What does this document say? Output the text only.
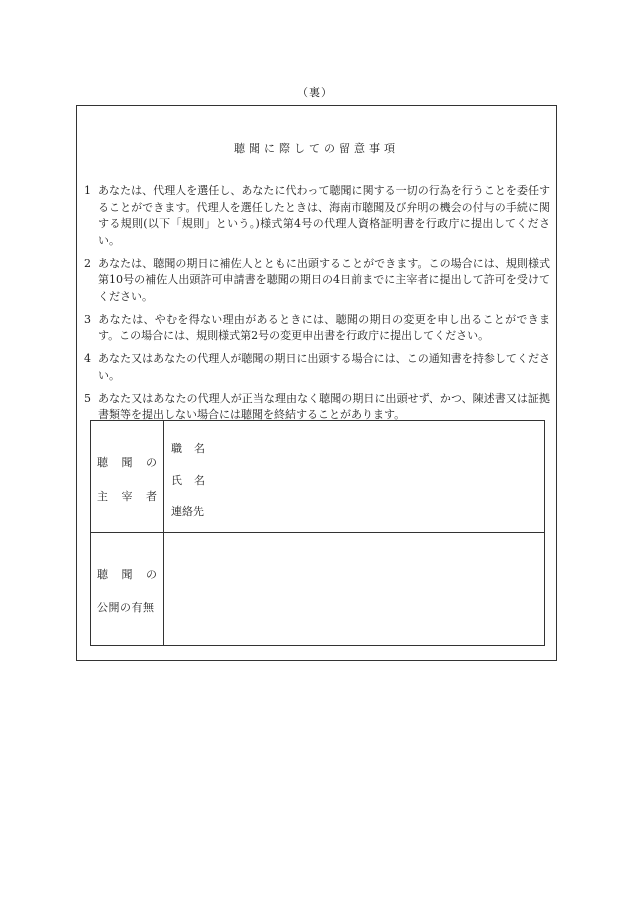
（裏）
聴聞に際しての留意事項

1 あなたは、代理人を選任し、あなたに代わって聴聞に関する一切の行為を行うことを委任することができます。代理人を選任したときは、海南市聴聞及び弁明の機会の付与の手続に関する規則(以下「規則」という。)様式第4号の代理人資格証明書を行政庁に提出してください。

2 あなたは、聴聞の期日に補佐人とともに出頭することができます。この場合には、規則様式第10号の補佐人出頭許可申請書を聴聞の期日の4日前までに主宰者に提出して許可を受けてください。

3 あなたは、やむを得ない理由があるときには、聴聞の期日の変更を申し出ることができます。この場合には、規則様式第2号の変更申出書を行政庁に提出してください。

4 あなた又はあなたの代理人が聴聞の期日に出頭する場合には、この通知書を持参してください。

5 あなた又はあなたの代理人が正当な理由なく聴聞の期日に出頭せず、かつ、陳述書又は証拠書類等を提出しない場合には聴聞を終結することがあります。

聴 聞 の
主 宰 者
職 名
氏 名
連絡先
聴 聞 の
公開の有無
